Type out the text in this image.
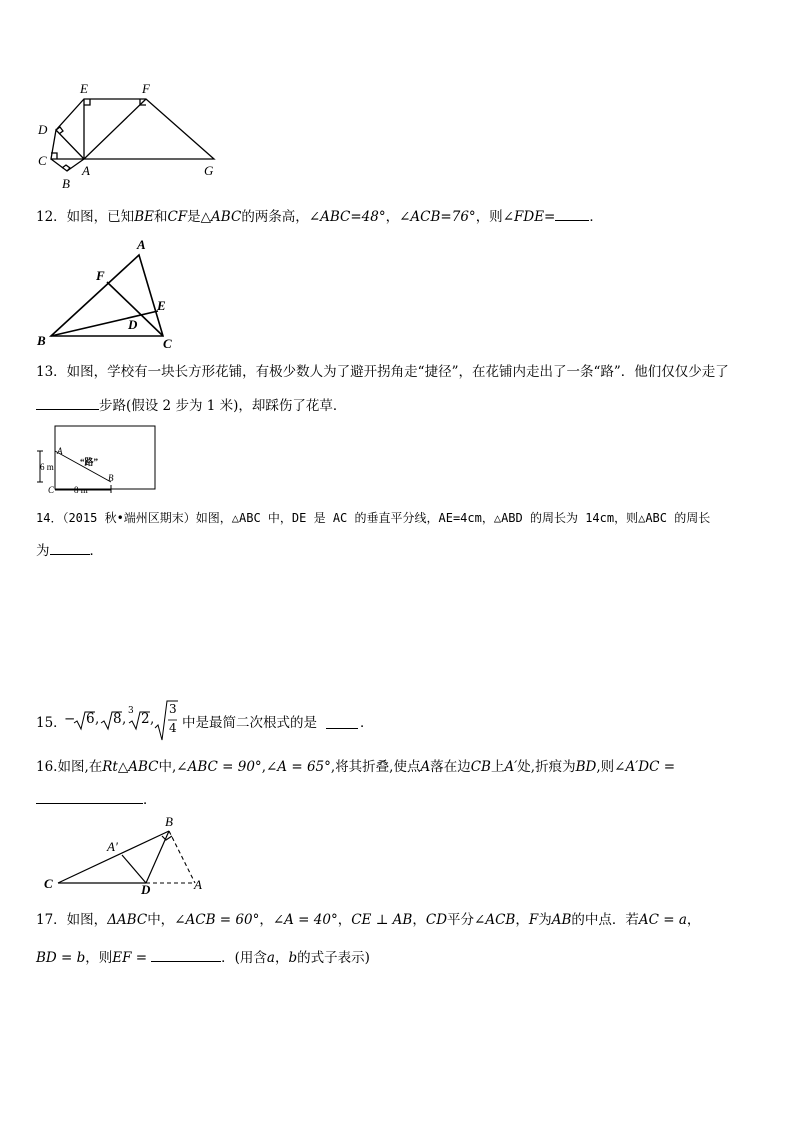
E	F
D
C
A
B
G
12．如图，已知BE和CF是△ABC的两条高，∠ABC=48°，∠ACB=76°，则∠FDE=	．
A
F
E
D
B	C
13．如图，学校有一块长方形花铺，有极少数人为了避开拐角走“捷径”，在花铺内走出了一条“路”．他们仅仅少走了
步路(假设 2 步为 1 米)，却踩伤了花草．
A
B
C
6 m
8 m
“路”
14．（2015 秋•端州区期末）如图，△ABC 中，DE 是 AC 的垂直平分线，AE=4cm，△ABD 的周长为 14cm，则△ABC 的周长
为	．
15．
− 6 , 8 , 3 2 ,
3
4 中是最简二次根式的是	．
16.如图,在Rt△ABC中,∠ABC = 90°,∠A = 65°,将其折叠,使点A落在边CB上A′处,折痕为BD,则∠A′DC =
．
B
A′
C	D	A
17．如图，ΔABC中，∠ACB = 60°，∠A = 40°，CE ⊥ AB，CD平分∠ACB，F为AB的中点．若AC = a，
BD = b，则EF =	．(用含a，b的式子表示)
